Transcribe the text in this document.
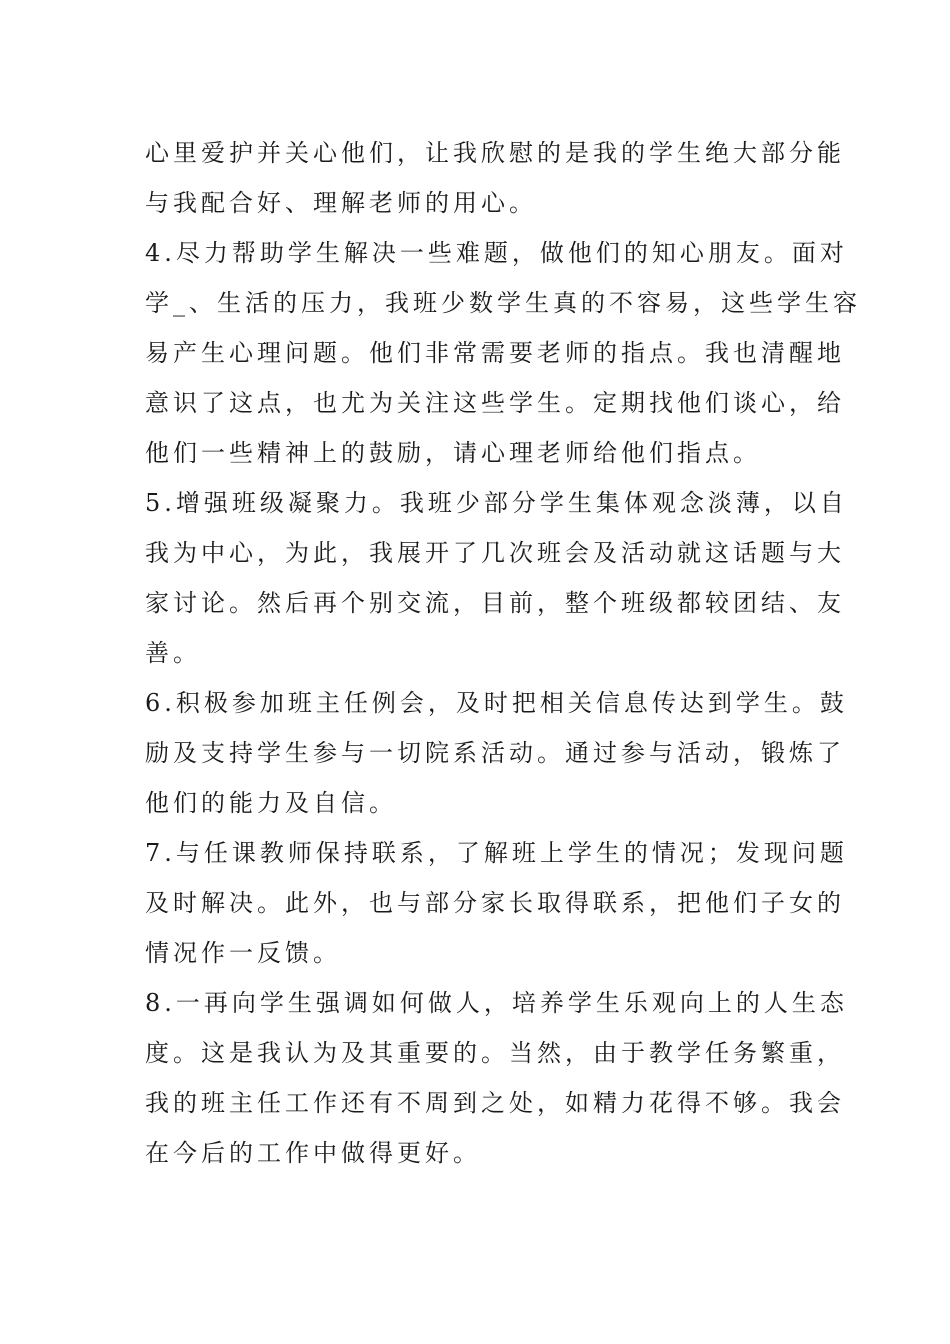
心里爱护并关心他们，让我欣慰的是我的学生绝大部分能
与我配合好、理解老师的用心。
4.尽力帮助学生解决一些难题，做他们的知心朋友。面对
学_、生活的压力，我班少数学生真的不容易，这些学生容
易产生心理问题。他们非常需要老师的指点。我也清醒地
意识了这点，也尤为关注这些学生。定期找他们谈心，给
他们一些精神上的鼓励，请心理老师给他们指点。
5.增强班级凝聚力。我班少部分学生集体观念淡薄，以自
我为中心，为此，我展开了几次班会及活动就这话题与大
家讨论。然后再个别交流，目前，整个班级都较团结、友
善。
6.积极参加班主任例会，及时把相关信息传达到学生。鼓
励及支持学生参与一切院系活动。通过参与活动，锻炼了
他们的能力及自信。
7.与任课教师保持联系，了解班上学生的情况；发现问题
及时解决。此外，也与部分家长取得联系，把他们子女的
情况作一反馈。
8.一再向学生强调如何做人，培养学生乐观向上的人生态
度。这是我认为及其重要的。当然，由于教学任务繁重，
我的班主任工作还有不周到之处，如精力花得不够。我会
在今后的工作中做得更好。
